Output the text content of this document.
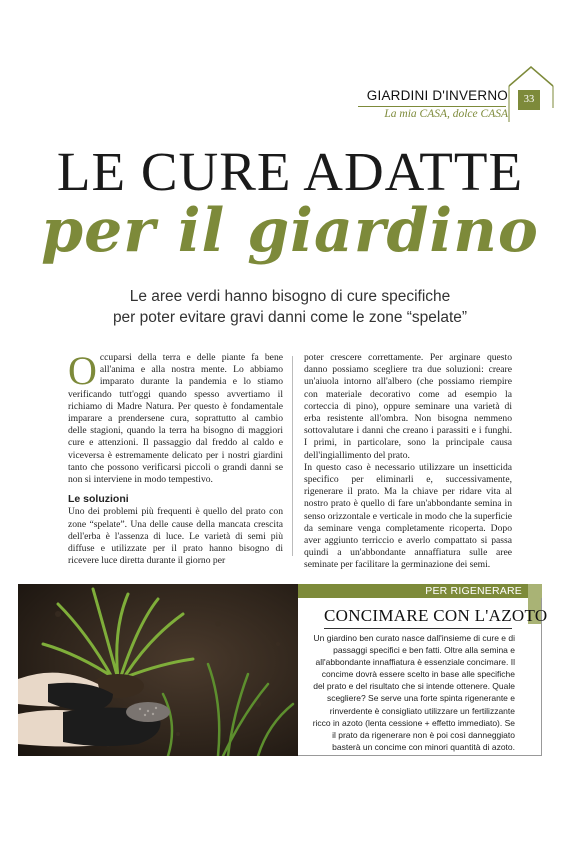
GIARDINI D'INVERNO
La mia CASA, dolce CASA
33
LE CURE ADATTE
per il giardino
Le aree verdi hanno bisogno di cure specifiche
per poter evitare gravi danni come le zone “spelate”

Occuparsi della terra e delle piante fa bene all'anima e alla nostra mente. Lo abbiamo imparato durante la pandemia e lo stiamo verificando tutt'oggi quando spesso avvertiamo il richiamo di Madre Natura. Per questo è fondamentale imparare a prendersene cura, soprattutto al cambio delle stagioni, quando la terra ha bisogno di maggiori cure e attenzioni. Il passaggio dal freddo al caldo e viceversa è estremamente delicato per i nostri giardini tanto che possono verificarsi piccoli o grandi danni se non si interviene in modo tempestivo.

Le soluzioni

Uno dei problemi più frequenti è quello del prato con zone “spelate”. Una delle cause della mancata crescita dell'erba è l'assenza di luce. Le varietà di semi più diffuse e utilizzate per il prato hanno bisogno di ricevere luce diretta durante il giorno per

poter crescere correttamente. Per arginare questo danno possiamo scegliere tra due soluzioni: creare un'aiuola intorno all'albero (che possiamo riempire con materiale decorativo come ad esempio la corteccia di pino), oppure seminare una varietà di erba resistente all'ombra. Non bisogna nemmeno sottovalutare i danni che creano i parassiti e i funghi. I primi, in particolare, sono la principale causa dell'ingiallimento del prato.

In questo caso è necessario utilizzare un insetticida specifico per eliminarli e, successivamente, rigenerare il prato. Ma la chiave per ridare vita al nostro prato è quello di fare un'abbondante semina in senso orizzontale e verticale in modo che la superficie da seminare venga completamente ricoperta. Dopo aver aggiunto terriccio e averlo compattato si passa quindi a un'abbondante annaffiatura sulle aree seminate per facilitare la germinazione dei semi.

PER RIGENERARE
CONCIMARE CON L'AZOTO
Un giardino ben curato nasce dall'insieme di cure e di passaggi specifici e ben fatti. Oltre alla semina e all'abbondante innaffiatura è essenziale concimare. Il concime dovrà essere scelto in base alle specifiche del prato e del risultato che si intende ottenere. Quale scegliere? Se serve una forte spinta rigenerante e rinverdente è consigliato utilizzare un fertilizzante ricco in azoto (lenta cessione + effetto immediato). Se il prato da rigenerare non è poi così danneggiato basterà un concime con minori quantità di azoto.
